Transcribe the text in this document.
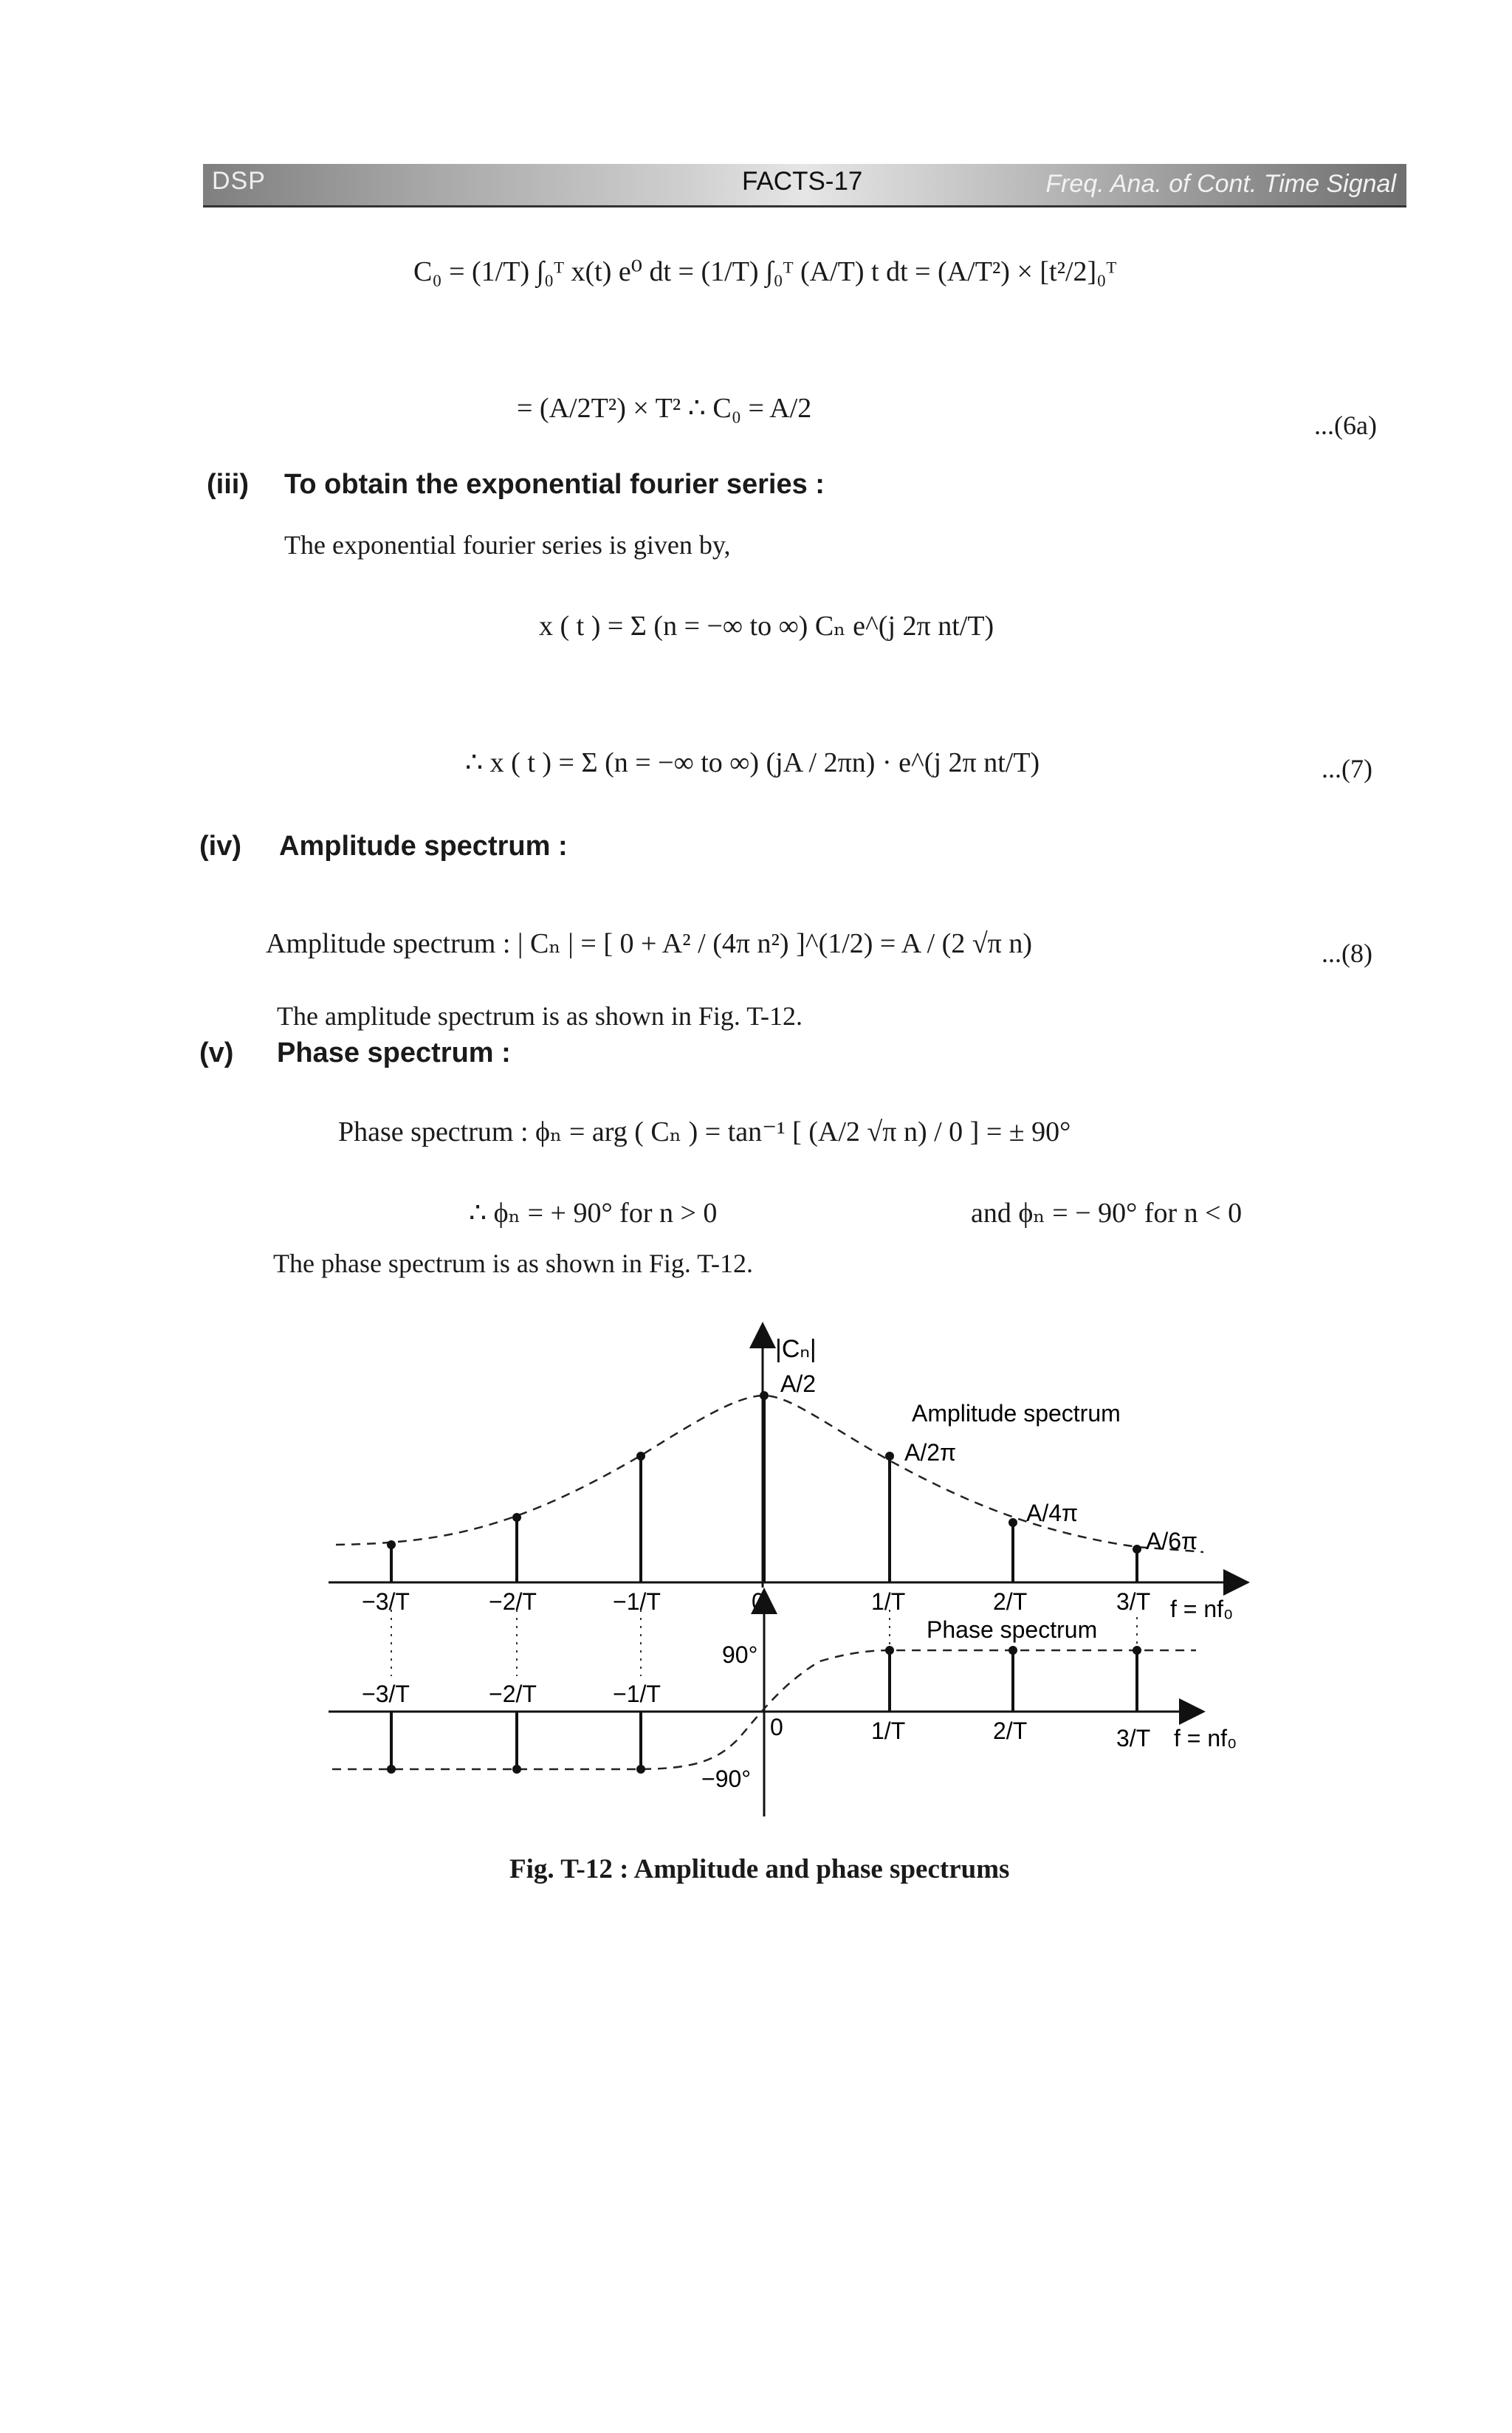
DSP	FACTS-17	Freq. Ana. of Cont. Time Signal
C₀ = (1/T) ∫₀ᵀ x(t) e⁰ dt = (1/T) ∫₀ᵀ (A/T) t dt = (A/T²) × [t²/2]₀ᵀ
= (A/2T²) × T² ∴ C₀ = A/2
...(6a)
(iii) To obtain the exponential fourier series :
The exponential fourier series is given by,
x ( t ) = Σ (n = −∞ to ∞) Cₙ e^(j 2π nt/T)
∴ x ( t ) = Σ (n = −∞ to ∞) (jA / 2πn) · e^(j 2π nt/T)	...(7)
(iv) Amplitude spectrum :
Amplitude spectrum : | Cₙ | = [ 0 + A² / (4π n²) ]^(1/2) = A / (2 √π n)	...(8)
The amplitude spectrum is as shown in Fig. T-12.
(v) Phase spectrum :
Phase spectrum : ϕₙ = arg ( Cₙ ) = tan⁻¹ [ (A/2 √π n) / 0 ] = ± 90°
∴ ϕₙ = + 90° for n > 0	and ϕₙ = − 90° for n < 0
The phase spectrum is as shown in Fig. T-12.
|Cₙ|
A/2
Amplitude spectrum
A/2π
A/4π
A/6π
−3/T	−2/T	−1/T	0	1/T	2/T	3/T f = nf₀
Phase spectrum
90°
−90°
0
−3/T	−2/T	−1/T
1/T	2/T	3/T f = nf₀
Fig. T-12 : Amplitude and phase spectrums
